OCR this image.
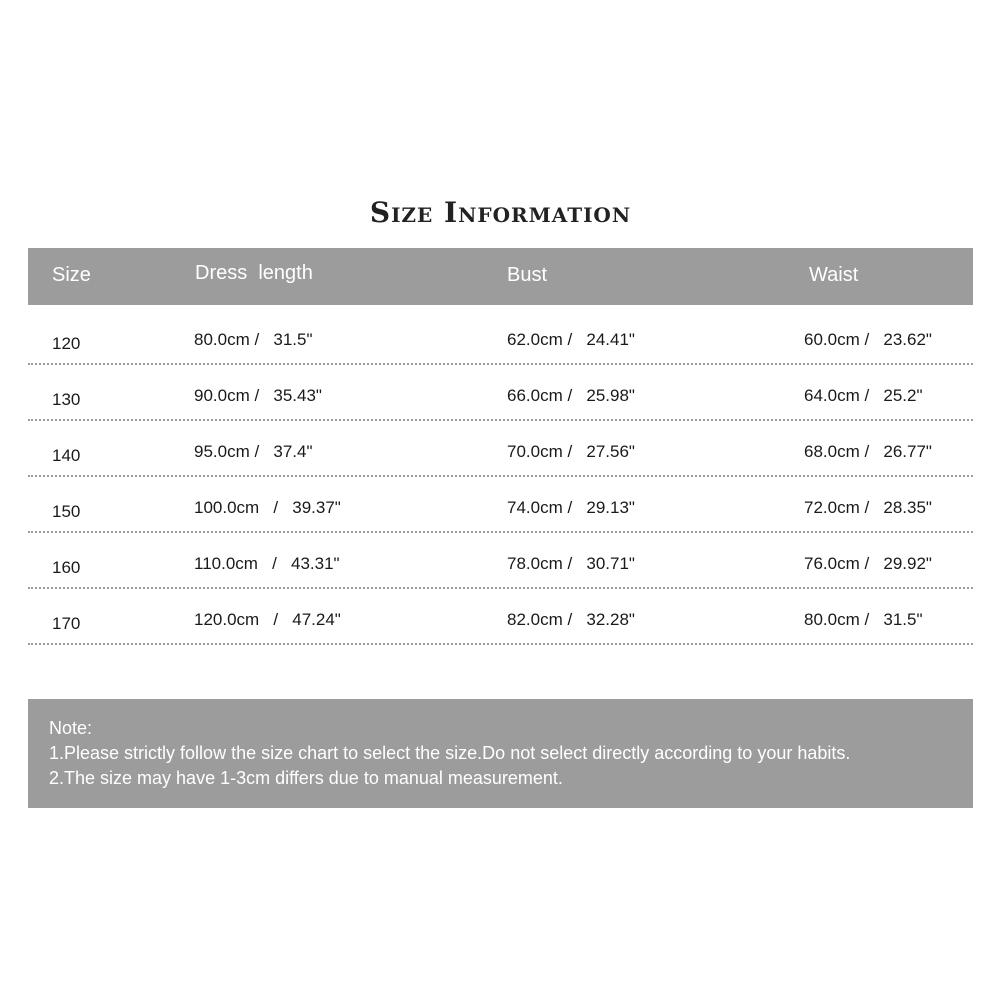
Size Information
Size	Dress  length	Bust	Waist
120	80.0cm /   31.5"	62.0cm /   24.41"	60.0cm /   23.62"
130	90.0cm /   35.43"	66.0cm /   25.98"	64.0cm /   25.2"
140	95.0cm /   37.4"	70.0cm /   27.56"	68.0cm /   26.77"
150	100.0cm   /   39.37"	74.0cm /   29.13"	72.0cm /   28.35"
160	110.0cm   /   43.31"	78.0cm /   30.71"	76.0cm /   29.92"
170	120.0cm   /   47.24"	82.0cm /   32.28"	80.0cm /   31.5"
Note:
1.Please strictly follow the size chart to select the size.Do not select directly according to your habits.
2.The size may have 1-3cm differs due to manual measurement.
